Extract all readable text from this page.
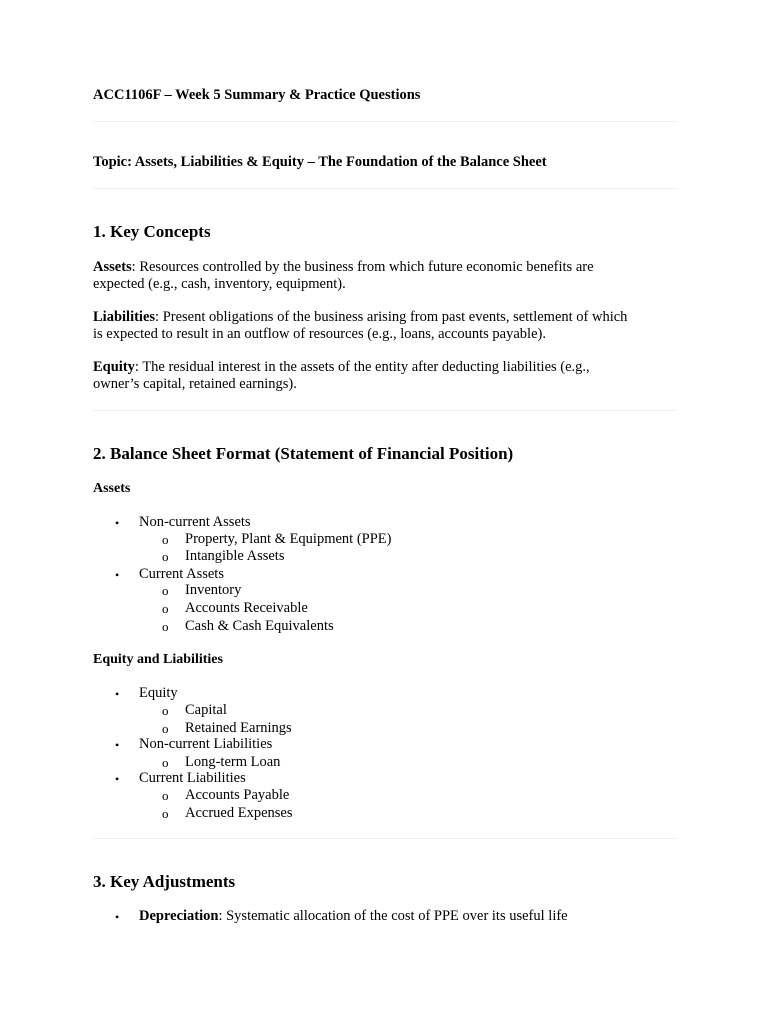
ACC1106F – Week 5 Summary & Practice Questions
Topic: Assets, Liabilities & Equity – The Foundation of the Balance Sheet
1. Key Concepts

Assets: Resources controlled by the business from which future economic benefits are
expected (e.g., cash, inventory, equipment).

Liabilities: Present obligations of the business arising from past events, settlement of which
is expected to result in an outflow of resources (e.g., loans, accounts payable).

Equity: The residual interest in the assets of the entity after deducting liabilities (e.g.,
owner’s capital, retained earnings).

2. Balance Sheet Format (Statement of Financial Position)
Assets
• Non-current Assets
o Property, Plant & Equipment (PPE)
o Intangible Assets
• Current Assets
o Inventory
o Accounts Receivable
o Cash & Cash Equivalents
Equity and Liabilities
• Equity
o Capital
o Retained Earnings
• Non-current Liabilities
o Long-term Loan
• Current Liabilities
o Accounts Payable
o Accrued Expenses
3. Key Adjustments
• Depreciation: Systematic allocation of the cost of PPE over its useful life
